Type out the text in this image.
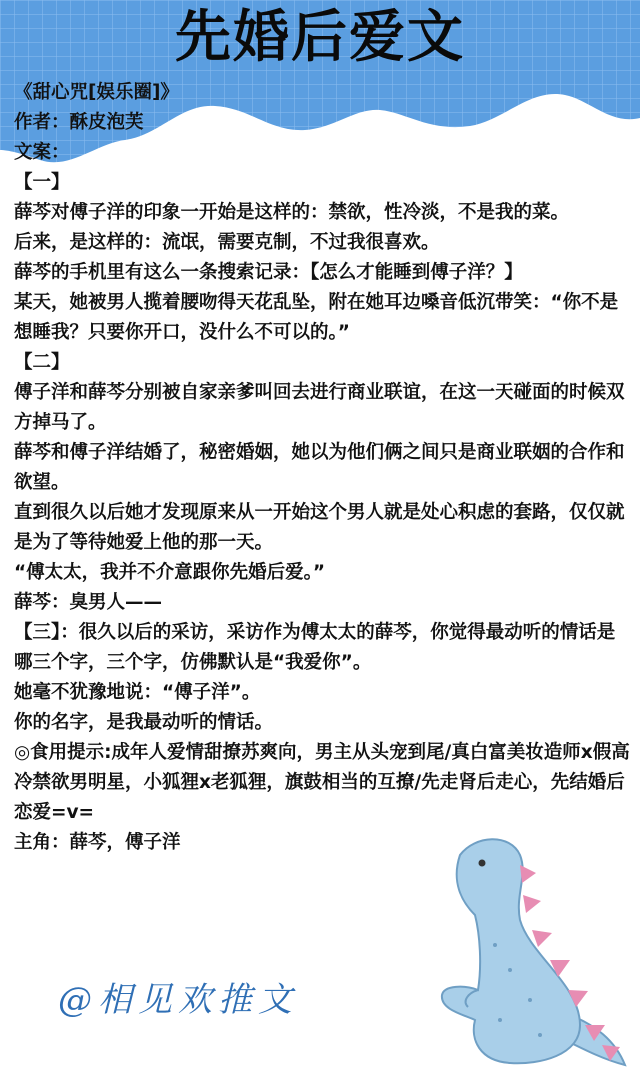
先婚后爱文

《甜心咒[娱乐圈]》

作者：酥皮泡芙

文案：

【一】

薛芩对傅子洋的印象一开始是这样的：禁欲，性冷淡，不是我的菜。

后来，是这样的：流氓，需要克制，不过我很喜欢。

薛芩的手机里有这么一条搜索记录：【怎么才能睡到傅子洋？】

某天，她被男人揽着腰吻得天花乱坠，附在她耳边嗓音低沉带笑：“你不是想睡我？只要你开口，没什么不可以的。”

【二】

傅子洋和薛芩分别被自家亲爹叫回去进行商业联谊，在这一天碰面的时候双方掉马了。

薛芩和傅子洋结婚了，秘密婚姻，她以为他们俩之间只是商业联姻的合作和欲望。

直到很久以后她才发现原来从一开始这个男人就是处心积虑的套路，仅仅就是为了等待她爱上他的那一天。

“傅太太，我并不介意跟你先婚后爱。”

薛芩：臭男人——

【三】：很久以后的采访，采访作为傅太太的薛芩，你觉得最动听的情话是哪三个字，三个字，仿佛默认是“我爱你”。

她毫不犹豫地说：“傅子洋”。

你的名字，是我最动听的情话。

◎食用提示:成年人爱情甜撩苏爽向，男主从头宠到尾/真白富美妆造师x假高冷禁欲男明星，小狐狸x老狐狸，旗鼓相当的互撩/先走肾后走心，先结婚后恋爱=v=

主角：薛芩，傅子洋

@相见欢推文
